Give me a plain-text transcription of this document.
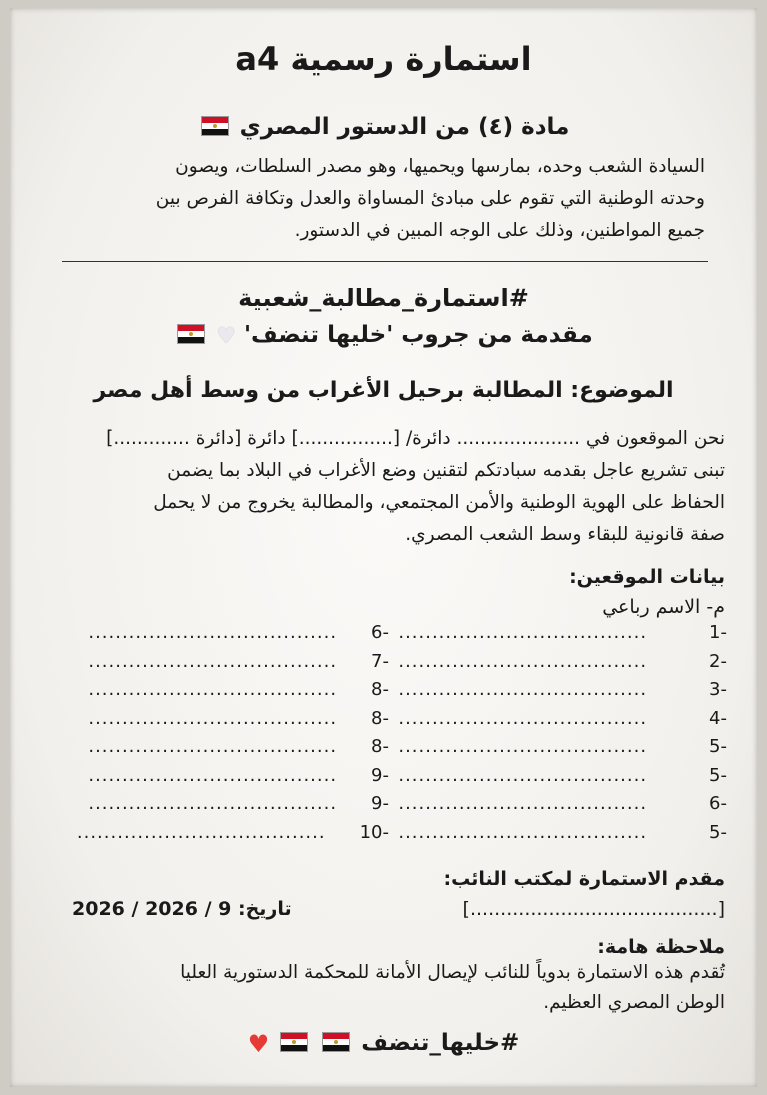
استمارة رسمية a4
مادة (٤) من الدستور المصري
السيادة الشعب وحده، بمارسها ويحميها، وهو مصدر السلطات، ويصون
وحدته الوطنية التي تقوم على مبادئ المساواة والعدل وتكافة الفرص بين
جميع المواطنين، وذلك على الوجه المبين في الدستور.
#استمارة_مطالبة_شعبية
مقدمة من جروب 'خليها تنضف' ♥
الموضوع: المطالبة برحيل الأغراب من وسط أهل مصر
نحن الموقعون في ..................... دائرة/ [................] دائرة [دائرة .............]
تبنى تشريع عاجل بقدمه سبادتكم لتقنين وضع الأغراب في البلاد بما يضمن
الحفاظ على الهوية الوطنية والأمن المجتمعي، والمطالبة يخروج من لا يحمل
صفة قانونية للبقاء وسط الشعب المصري.
بيانات الموقعين:
م- الاسم رباعي
.....................................	1-
..................................... 6-
.....................................	2-
..................................... 7-
.....................................	3-
..................................... 8-
.....................................	4-
..................................... 8-
.....................................	5-
..................................... 8-
.....................................	5-
..................................... 9-
.....................................	6-
..................................... 9-
.....................................	5-
..................................... 10-
مقدم الاستمارة لمكتب النائب:
[.........................................]
تاريخ: 9 / 2026 / 2026
ملاحظة هامة:
تُقدم هذه الاستمارة بدوياً للنائب لإيصال الأمانة للمحكمة الدستورية العليا
الوطن المصري العظيم.
#خليها_تنضف

♥
